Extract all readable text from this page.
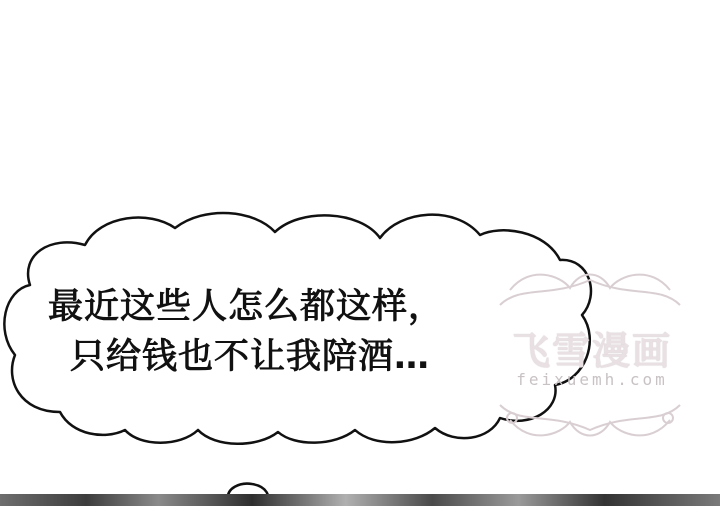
最近这些人怎么都这样，
只给钱也不让我陪酒…	飞雪漫画
feixuemh.com
